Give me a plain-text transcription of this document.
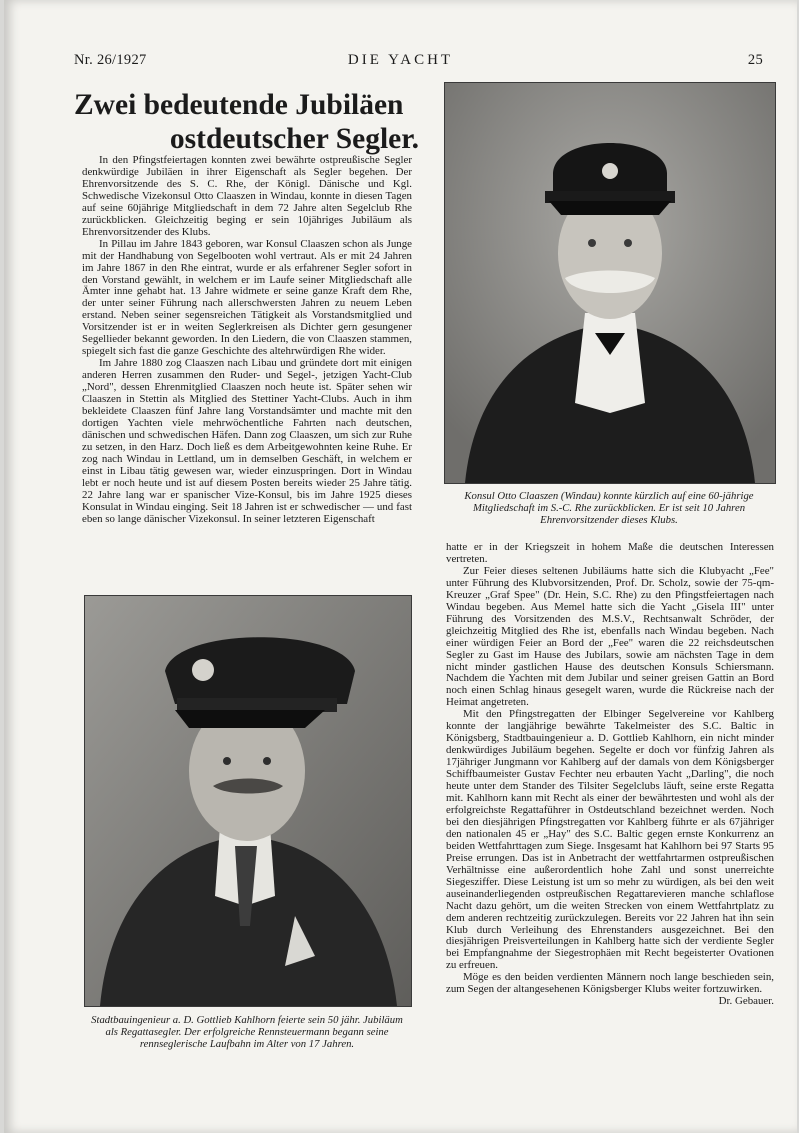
Nr. 26/1927	DIE YACHT	25
Zwei bedeutende Jubiläen
ostdeutscher Segler.

In den Pfingstfeiertagen konnten zwei bewährte ostpreußische Segler denkwürdige Jubiläen in ihrer Eigenschaft als Segler begehen. Der Ehrenvorsitzende des S. C. Rhe, der Königl. Dänische und Kgl. Schwedische Vizekonsul Otto Claaszen in Windau, konnte in diesen Tagen auf seine 60jährige Mitgliedschaft in dem 72 Jahre alten Segelclub Rhe zurückblicken. Gleichzeitig beging er sein 10jähriges Jubiläum als Ehrenvorsitzender des Klubs.

In Pillau im Jahre 1843 geboren, war Konsul Claaszen schon als Junge mit der Handhabung von Segelbooten wohl vertraut. Als er mit 24 Jahren im Jahre 1867 in den Rhe eintrat, wurde er als erfahrener Segler sofort in den Vorstand gewählt, in welchem er im Laufe seiner Mitgliedschaft alle Ämter inne gehabt hat. 13 Jahre widmete er seine ganze Kraft dem Rhe, der unter seiner Führung nach allerschwersten Jahren zu neuem Leben erstand. Neben seiner segensreichen Tätigkeit als Vorstandsmitglied und Vorsitzender ist er in weiten Seglerkreisen als Dichter gern gesungener Segellieder bekannt geworden. In den Liedern, die von Claaszen stammen, spiegelt sich fast die ganze Geschichte des altehrwürdigen Rhe wider.

Im Jahre 1880 zog Claaszen nach Libau und gründete dort mit einigen anderen Herren zusammen den Ruder- und Segel-, jetzigen Yacht-Club „Nord", dessen Ehrenmitglied Claaszen noch heute ist. Später sehen wir Claaszen in Stettin als Mitglied des Stettiner Yacht-Clubs. Auch in ihm bekleidete Claaszen fünf Jahre lang Vorstandsämter und machte mit den dortigen Yachten viele mehrwöchentliche Fahrten nach deutschen, dänischen und schwedischen Häfen. Dann zog Claaszen, um sich zur Ruhe zu setzen, in den Harz. Doch ließ es dem Arbeitgewohnten keine Ruhe. Er zog nach Windau in Lettland, um in demselben Geschäft, in welchem er einst in Libau tätig gewesen war, wieder einzuspringen. Dort in Windau lebt er noch heute und ist auf diesem Posten bereits wieder 25 Jahre tätig. 22 Jahre lang war er spanischer Vize-Konsul, bis im Jahre 1925 dieses Konsulat in Windau einging. Seit 18 Jahren ist er schwedischer — und fast eben so lange dänischer Vizekonsul. In seiner letzteren Eigenschaft

Konsul Otto Claaszen (Windau) konnte kürzlich auf eine 60-jährige Mitgliedschaft im S.-C. Rhe zurückblicken. Er ist seit 10 Jahren Ehrenvorsitzender dieses Klubs.
Stadtbauingenieur a. D. Gottlieb Kahlhorn feierte sein 50 jähr. Jubiläum als Regattasegler. Der erfolgreiche Rennsteuermann begann seine rennseglerische Laufbahn im Alter von 17 Jahren.

hatte er in der Kriegszeit in hohem Maße die deutschen Interessen vertreten.

Zur Feier dieses seltenen Jubiläums hatte sich die Klubyacht „Fee" unter Führung des Klubvorsitzenden, Prof. Dr. Scholz, sowie der 75-qm-Kreuzer „Graf Spee" (Dr. Hein, S.C. Rhe) zu den Pfingstfeiertagen nach Windau begeben. Aus Memel hatte sich die Yacht „Gisela III" unter Führung des Vorsitzenden des M.S.V., Rechtsanwalt Schröder, der gleichzeitig Mitglied des Rhe ist, ebenfalls nach Windau begeben. Nach einer würdigen Feier an Bord der „Fee" waren die 22 reichsdeutschen Segler zu Gast im Hause des Jubilars, sowie am nächsten Tage in dem nicht minder gastlichen Hause des deutschen Konsuls Schiersmann. Nachdem die Yachten mit dem Jubilar und seiner greisen Gattin an Bord noch einen Schlag hinaus gesegelt waren, wurde die Rückreise nach der Heimat angetreten.

Mit den Pfingstregatten der Elbinger Segelvereine vor Kahlberg konnte der langjährige bewährte Takelmeister des S.C. Baltic in Königsberg, Stadtbauingenieur a. D. Gottlieb Kahlhorn, ein nicht minder denkwürdiges Jubiläum begehen. Segelte er doch vor fünfzig Jahren als 17jähriger Jungmann vor Kahlberg auf der damals von dem Königsberger Schiffbaumeister Gustav Fechter neu erbauten Yacht „Darling", die noch heute unter dem Stander des Tilsiter Segelclubs läuft, seine erste Regatta mit. Kahlhorn kann mit Recht als einer der bewährtesten und wohl als der erfolgreichste Regattaführer in Ostdeutschland bezeichnet werden. Noch bei den diesjährigen Pfingstregatten vor Kahlberg führte er als 67jähriger den nationalen 45 er „Hay" des S.C. Baltic gegen ernste Konkurrenz an beiden Wettfahrttagen zum Siege. Insgesamt hat Kahlhorn bei 97 Starts 95 Preise errungen. Das ist in Anbetracht der wettfahrtarmen ostpreußischen Verhältnisse eine außerordentlich hohe Zahl und sonst unerreichte Siegesziffer. Diese Leistung ist um so mehr zu würdigen, als bei den weit auseinanderliegenden ostpreußischen Regattarevieren manche schlaflose Nacht dazu gehört, um die weiten Strecken von einem Wettfahrtplatz zu dem anderen rechtzeitig zurückzulegen. Bereits vor 22 Jahren hat ihn sein Klub durch Verleihung des Ehrenstanders ausgezeichnet. Bei den diesjährigen Preisverteilungen in Kahlberg hatte sich der verdiente Segler bei Empfangnahme der Siegestrophäen mit Recht begeisterter Ovationen zu erfreuen.

Möge es den beiden verdienten Männern noch lange beschieden sein, zum Segen der altangesehenen Königsberger Klubs weiter fortzuwirken.

Dr. Gebauer.
